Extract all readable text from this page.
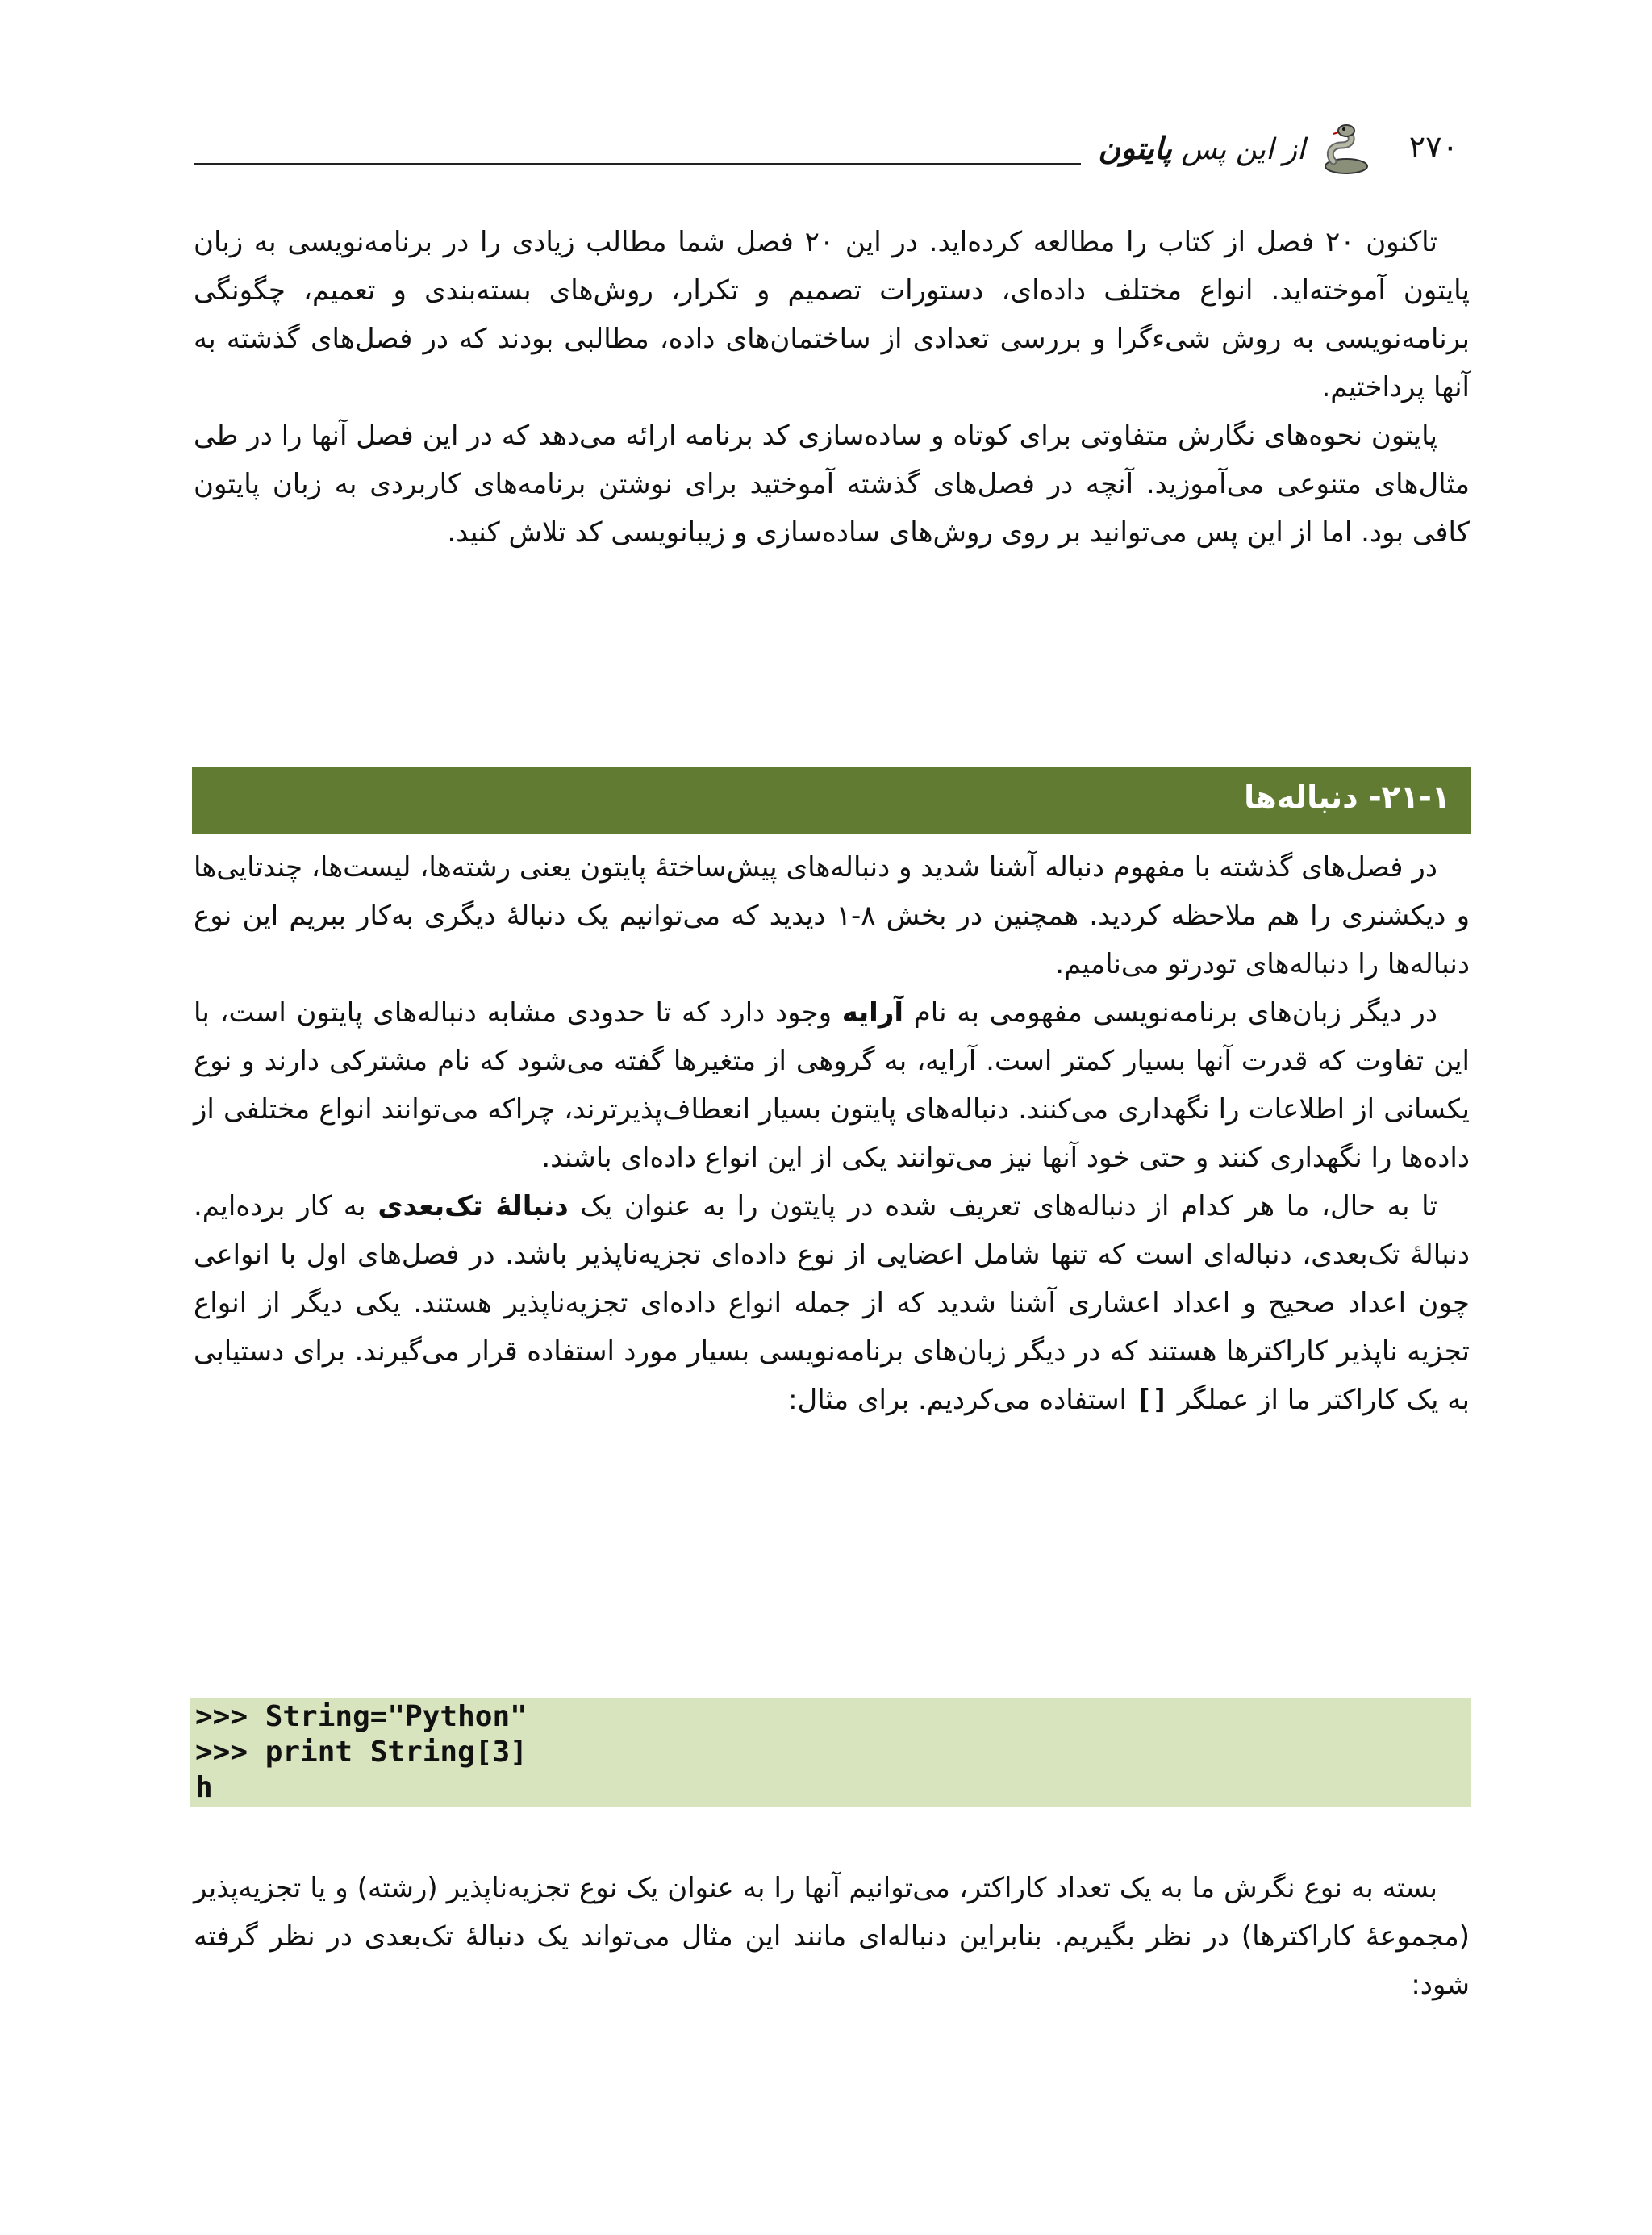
۲۷۰
از این پس پایتون

تاکنون ۲۰ فصل از کتاب را مطالعه کرده‌اید. در این ۲۰ فصل شما مطالب زیادی را در برنامه‌نویسی به زبان پایتون آموخته‌اید. انواع مختلف داده‌ای، دستورات تصمیم و تکرار، روش‌های بسته‌بندی و تعمیم، چگونگی برنامه‌نویسی به روش شیءگرا و بررسی تعدادی از ساختمان‌های داده، مطالبی بودند که در فصل‌های گذشته به آنها پرداختیم.

پایتون نحوه‌های نگارش متفاوتی برای کوتاه و ساده‌سازی کد برنامه ارائه می‌دهد که در این فصل آنها را در طی مثال‌های متنوعی می‌آموزید. آنچه در فصل‌های گذشته آموختید برای نوشتن برنامه‌های کاربردی به زبان پایتون کافی بود. اما از این پس می‌توانید بر روی روش‌های ساده‌سازی و زیبانویسی کد تلاش کنید.

۲۱-۱- دنباله‌ها

در فصل‌های گذشته با مفهوم دنباله آشنا شدید و دنباله‌های پیش‌ساختۀ پایتون یعنی رشته‌ها، لیست‌ها، چندتایی‌ها و دیکشنری را هم ملاحظه کردید. همچنین در بخش ۸-۱ دیدید که می‌توانیم یک دنبالۀ دیگری به‌کار ببریم این نوع دنباله‌ها را دنباله‌های تودرتو می‌نامیم.

در دیگر زبان‌های برنامه‌نویسی مفهومی به نام آرایه وجود دارد که تا حدودی مشابه دنباله‌های پایتون است، با این تفاوت که قدرت آنها بسیار کمتر است. آرایه، به گروهی از متغیرها گفته می‌شود که نام مشترکی دارند و نوع یکسانی از اطلاعات را نگهداری می‌کنند. دنباله‌های پایتون بسیار انعطاف‌پذیرترند، چراکه می‌توانند انواع مختلفی از داده‌ها را نگهداری کنند و حتی خود آنها نیز می‌توانند یکی از این انواع داده‌ای باشند.

تا به حال، ما هر کدام از دنباله‌های تعریف شده در پایتون را به عنوان یک دنبالۀ تک‌بعدی به کار برده‌ایم. دنبالۀ تک‌بعدی، دنباله‌ای است که تنها شامل اعضایی از نوع داده‌ای تجزیه‌ناپذیر باشد. در فصل‌های اول با انواعی چون اعداد صحیح و اعداد اعشاری آشنا شدید که از جمله انواع داده‌ای تجزیه‌ناپذیر هستند. یکی دیگر از انواع تجزیه ناپذیر کاراکترها هستند که در دیگر زبان‌های برنامه‌نویسی بسیار مورد استفاده قرار می‌گیرند. برای دستیابی به یک کاراکتر ما از عملگر [] استفاده می‌کردیم. برای مثال:

>>> String="Python"
>>> print String[3]
h

بسته به نوع نگرش ما به یک تعداد کاراکتر، می‌توانیم آنها را به عنوان یک نوع تجزیه‌ناپذیر (رشته) و یا تجزیه‌پذیر (مجموعۀ کاراکترها) در نظر بگیریم. بنابراین دنباله‌ای مانند این مثال می‌تواند یک دنبالۀ تک‌بعدی در نظر گرفته شود:
